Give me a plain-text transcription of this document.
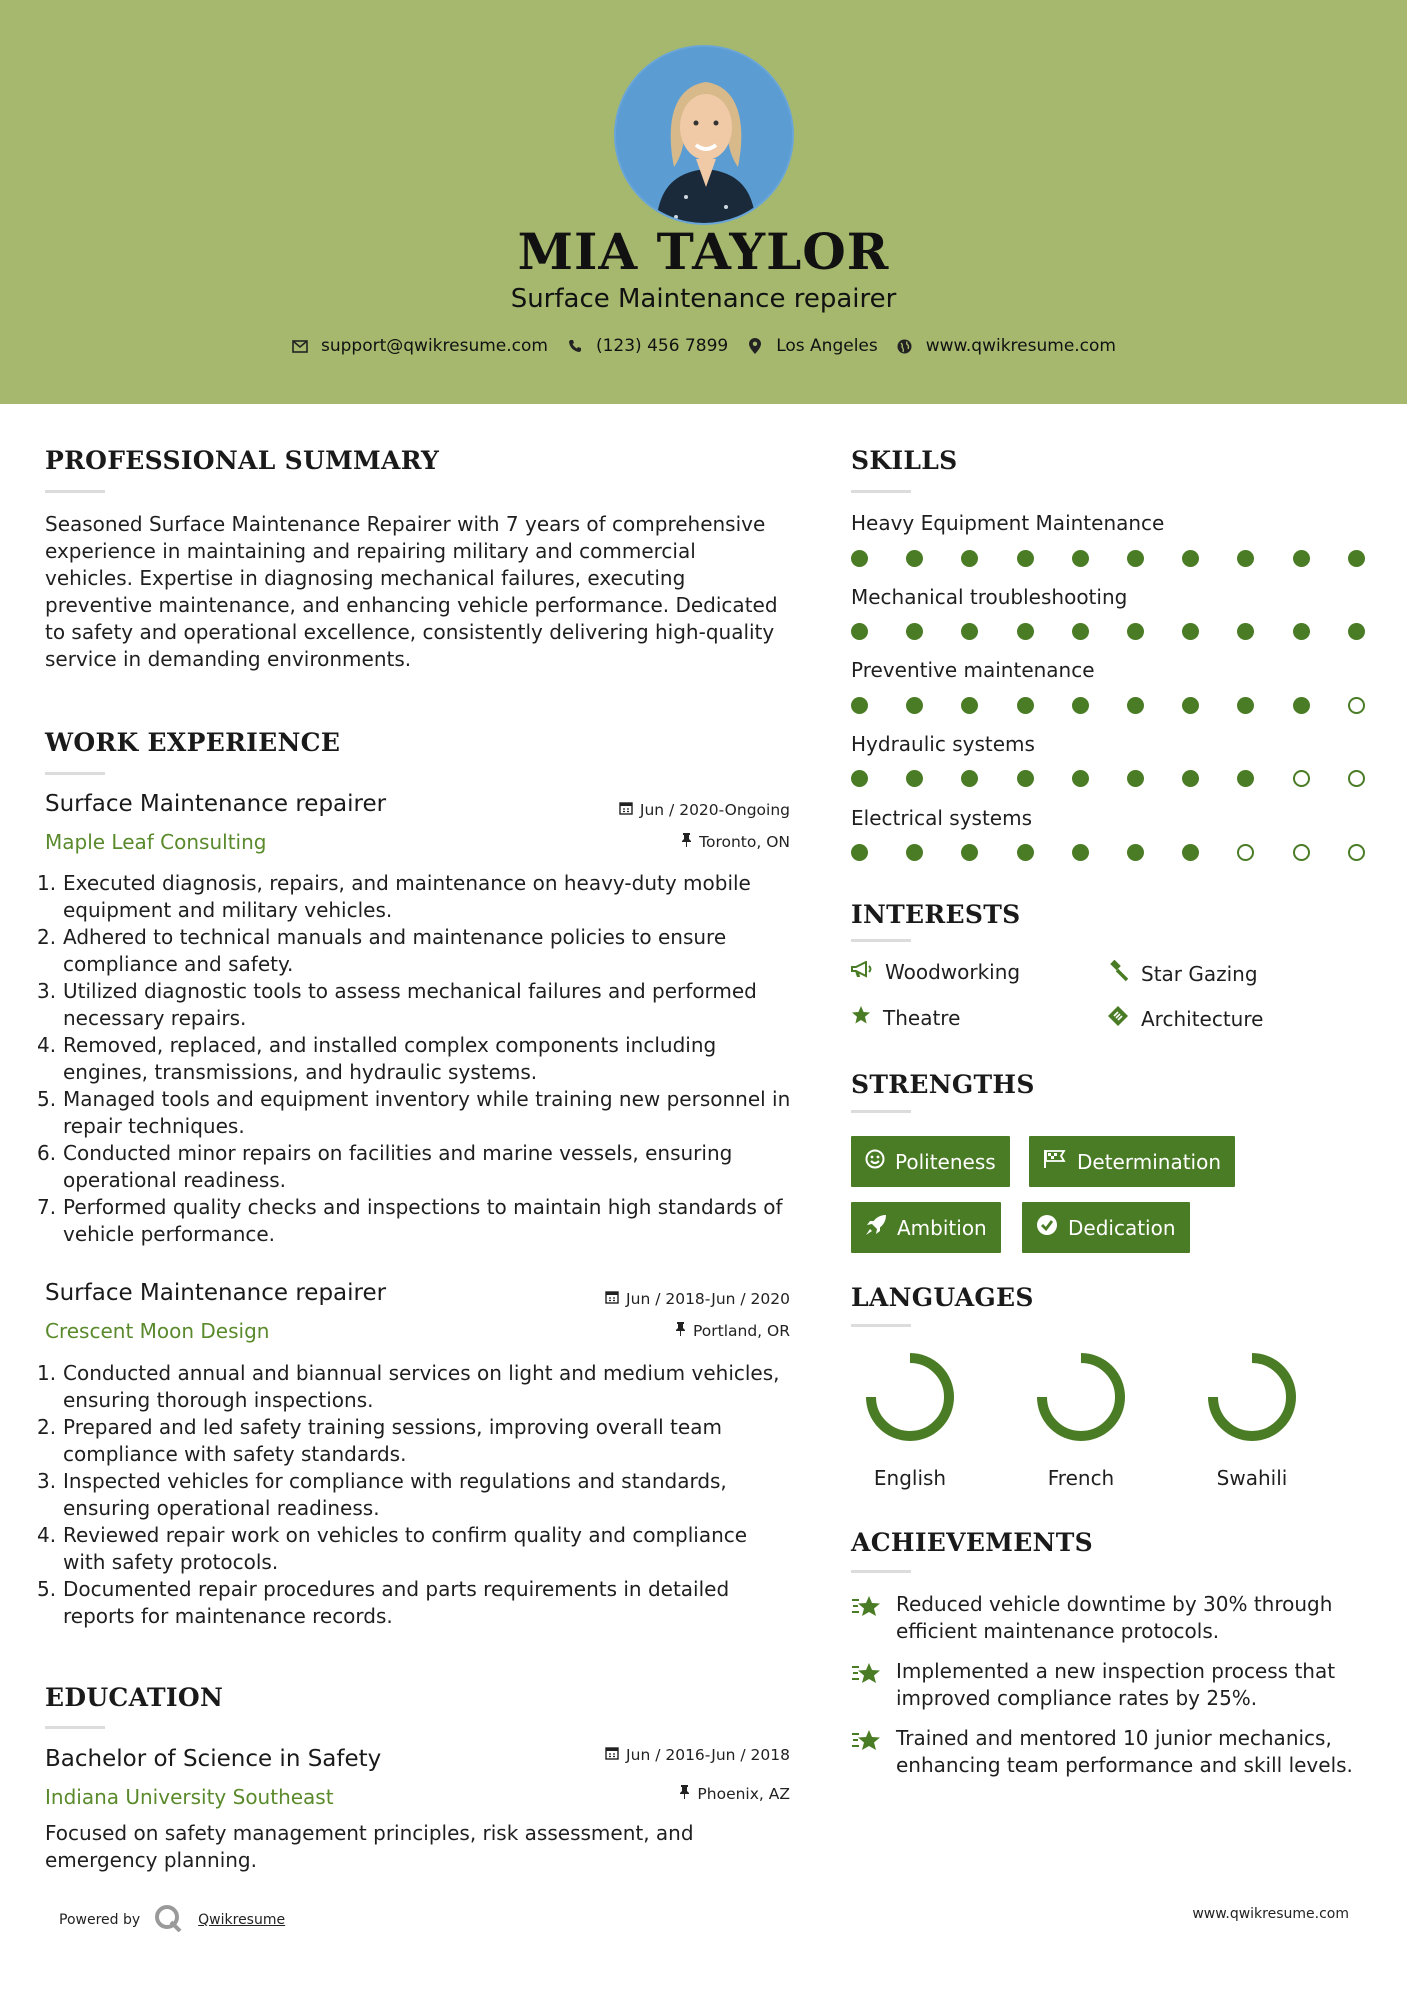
MIA TAYLOR
Surface Maintenance repairer
support@qwikresume.com	(123) 456 7899	Los Angeles	www.qwikresume.com
PROFESSIONAL SUMMARY
Seasoned Surface Maintenance Repairer with 7 years of comprehensive experience in maintaining and repairing military and commercial vehicles. Expertise in diagnosing mechanical failures, executing preventive maintenance, and enhancing vehicle performance. Dedicated to safety and operational excellence, consistently delivering high-quality service in demanding environments.
WORK EXPERIENCE
Surface Maintenance repairer	Jun / 2020-Ongoing
Maple Leaf Consulting	Toronto, ON
1. Executed diagnosis, repairs, and maintenance on heavy-duty mobile equipment and military vehicles.
2. Adhered to technical manuals and maintenance policies to ensure compliance and safety.
3. Utilized diagnostic tools to assess mechanical failures and performed necessary repairs.
4. Removed, replaced, and installed complex components including engines, transmissions, and hydraulic systems.
5. Managed tools and equipment inventory while training new personnel in repair techniques.
6. Conducted minor repairs on facilities and marine vessels, ensuring operational readiness.
7. Performed quality checks and inspections to maintain high standards of vehicle performance.
Surface Maintenance repairer	Jun / 2018-Jun / 2020
Crescent Moon Design	Portland, OR
1. Conducted annual and biannual services on light and medium vehicles, ensuring thorough inspections.
2. Prepared and led safety training sessions, improving overall team compliance with safety standards.
3. Inspected vehicles for compliance with regulations and standards, ensuring operational readiness.
4. Reviewed repair work on vehicles to confirm quality and compliance with safety protocols.
5. Documented repair procedures and parts requirements in detailed reports for maintenance records.
EDUCATION
Bachelor of Science in Safety	Jun / 2016-Jun / 2018
Indiana University Southeast	Phoenix, AZ
Focused on safety management principles, risk assessment, and emergency planning.
SKILLS
Heavy Equipment Maintenance
Mechanical troubleshooting
Preventive maintenance
Hydraulic systems
Electrical systems
INTERESTS
Woodworking	Star Gazing
Theatre	Architecture
STRENGTHS
Politeness	Determination
Ambition	Dedication
LANGUAGES
English	French	Swahili
ACHIEVEMENTS
Reduced vehicle downtime by 30% through efficient maintenance protocols.
Implemented a new inspection process that improved compliance rates by 25%.
Trained and mentored 10 junior mechanics, enhancing team performance and skill levels.
Powered by	Qwikresume	www.qwikresume.com
